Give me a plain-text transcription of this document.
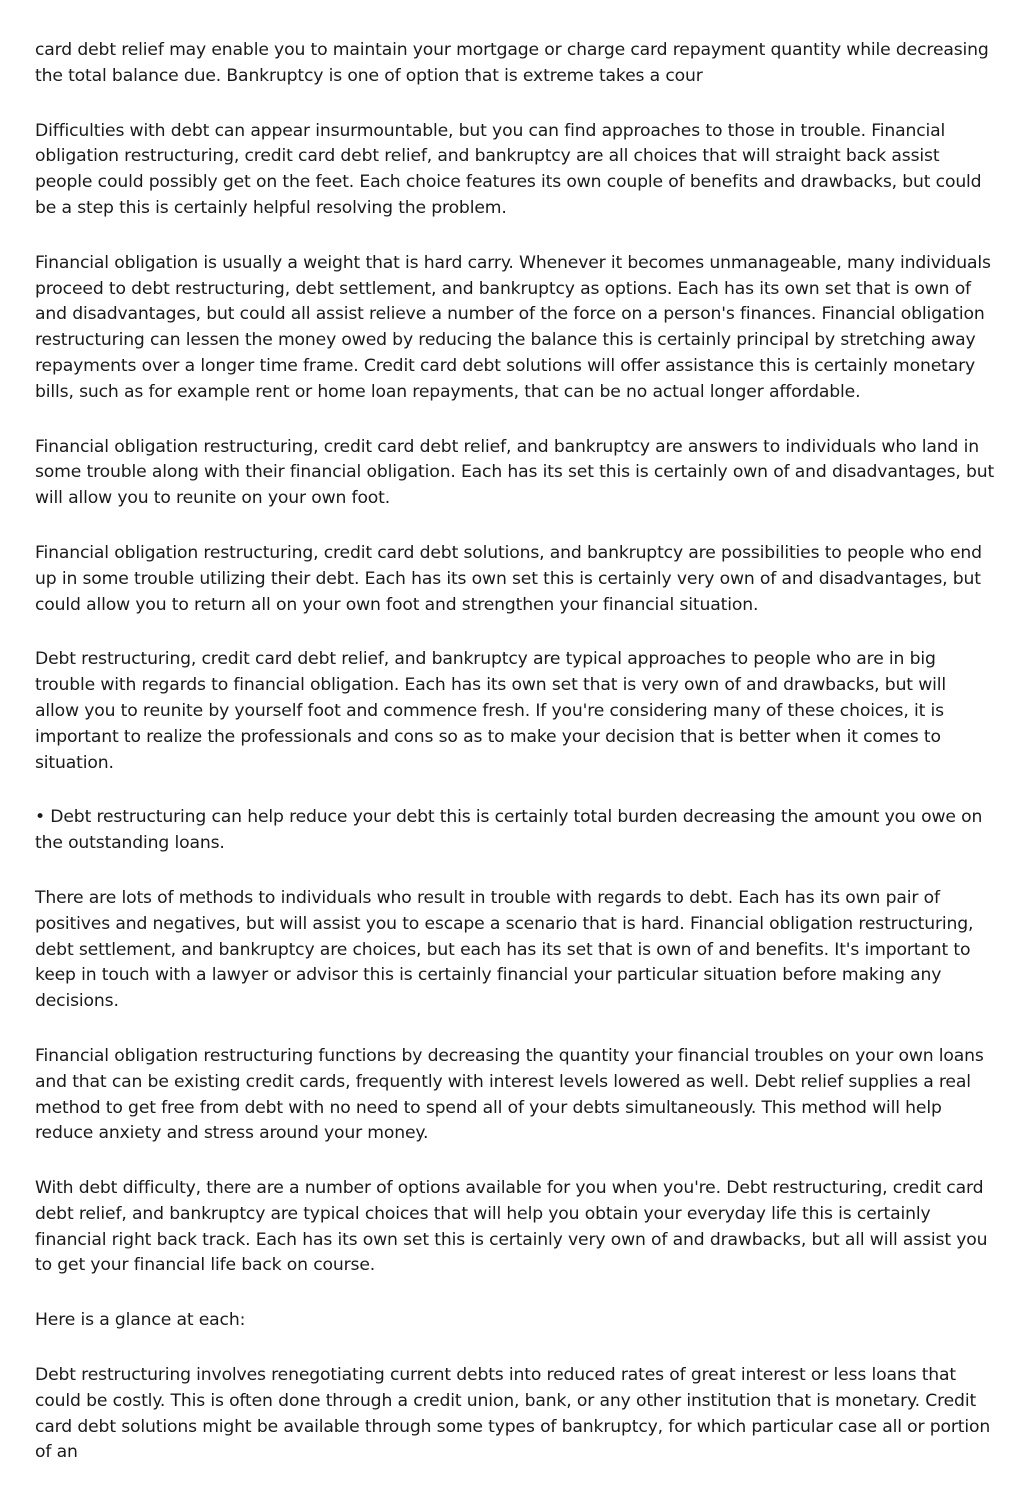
card debt relief may enable you to maintain your mortgage or charge card repayment quantity while decreasing the total balance due. Bankruptcy is one of option that is extreme takes a cour

Difficulties with debt can appear insurmountable, but you can find approaches to those in trouble. Financial obligation restructuring, credit card debt relief, and bankruptcy are all choices that will straight back assist people could possibly get on the feet. Each choice features its own couple of benefits and drawbacks, but could be a step this is certainly helpful resolving the problem.

Financial obligation is usually a weight that is hard carry. Whenever it becomes unmanageable, many individuals proceed to debt restructuring, debt settlement, and bankruptcy as options. Each has its own set that is own of and disadvantages, but could all assist relieve a number of the force on a person's finances. Financial obligation restructuring can lessen the money owed by reducing the balance this is certainly principal by stretching away repayments over a longer time frame. Credit card debt solutions will offer assistance this is certainly monetary bills, such as for example rent or home loan repayments, that can be no actual longer affordable.

Financial obligation restructuring, credit card debt relief, and bankruptcy are answers to individuals who land in some trouble along with their financial obligation. Each has its set this is certainly own of and disadvantages, but will allow you to reunite on your own foot.

Financial obligation restructuring, credit card debt solutions, and bankruptcy are possibilities to people who end up in some trouble utilizing their debt. Each has its own set this is certainly very own of and disadvantages, but could allow you to return all on your own foot and strengthen your financial situation.

Debt restructuring, credit card debt relief, and bankruptcy are typical approaches to people who are in big trouble with regards to financial obligation. Each has its own set that is very own of and drawbacks, but will allow you to reunite by yourself foot and commence fresh. If you're considering many of these choices, it is important to realize the professionals and cons so as to make your decision that is better when it comes to situation.

• Debt restructuring can help reduce your debt this is certainly total burden decreasing the amount you owe on the outstanding loans.

There are lots of methods to individuals who result in trouble with regards to debt. Each has its own pair of positives and negatives, but will assist you to escape a scenario that is hard. Financial obligation restructuring, debt settlement, and bankruptcy are choices, but each has its set that is own of and benefits. It's important to keep in touch with a lawyer or advisor this is certainly financial your particular situation before making any decisions.

Financial obligation restructuring functions by decreasing the quantity your financial troubles on your own loans and that can be existing credit cards, frequently with interest levels lowered as well. Debt relief supplies a real method to get free from debt with no need to spend all of your debts simultaneously. This method will help reduce anxiety and stress around your money.

With debt difficulty, there are a number of options available for you when you're. Debt restructuring, credit card debt relief, and bankruptcy are typical choices that will help you obtain your everyday life this is certainly financial right back track. Each has its own set this is certainly very own of and drawbacks, but all will assist you to get your financial life back on course.

Here is a glance at each:

Debt restructuring involves renegotiating current debts into reduced rates of great interest or less loans that could be costly. This is often done through a credit union, bank, or any other institution that is monetary. Credit card debt solutions might be available through some types of bankruptcy, for which particular case all or portion of an
